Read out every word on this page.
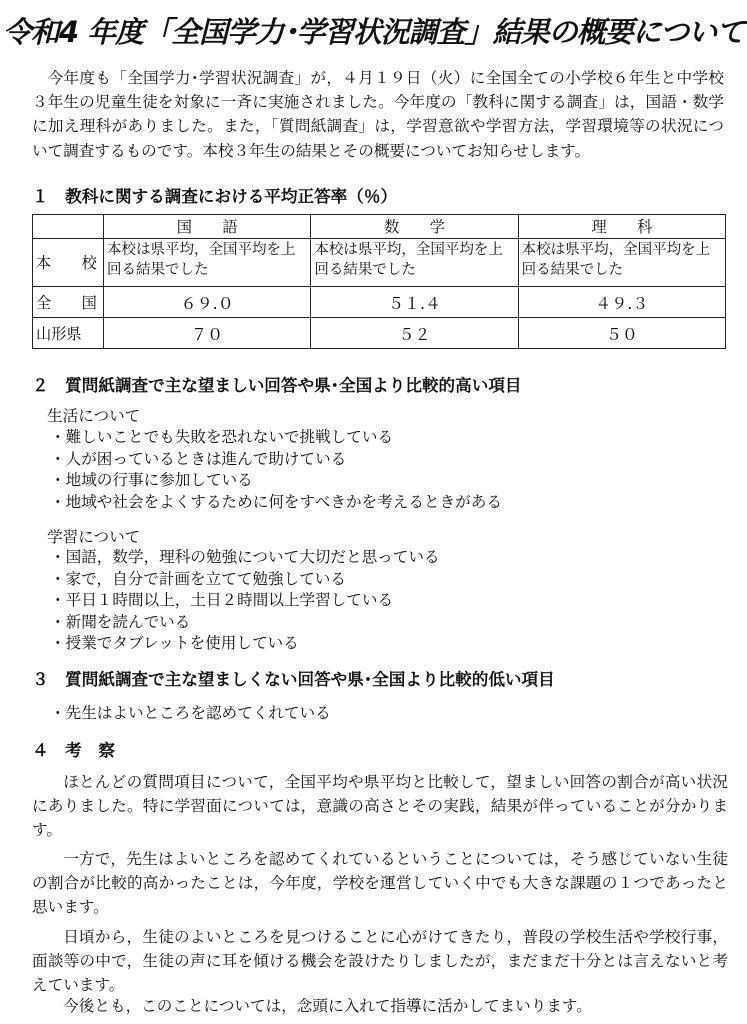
令和4 年度「全国学力･学習状況調査」結果の概要について
今年度も「全国学力･学習状況調査」が，４月１９日（火）に全国全ての小学校６年生と中学校３年生の児童生徒を対象に一斉に実施されました。今年度の「教科に関する調査」は，国語・数学に加え理科がありました。また，「質問紙調査」は，学習意欲や学習方法，学習環境等の状況について調査するものです。本校３年生の結果とその概要についてお知らせします。
１　教科に関する調査における平均正答率（％）
	国　　語	数　　学	理　　科
本　　校	本校は県平均，全国平均を上回る結果でした	本校は県平均，全国平均を上回る結果でした	本校は県平均，全国平均を上回る結果でした
全　　国	６９.０	５１.４	４９.３
山形県	７０	５２	５０
２　質問紙調査で主な望ましい回答や県･全国より比較的高い項目
生活について
・ 難しいことでも失敗を恐れないで挑戦している
・ 人が困っているときは進んで助けている
・ 地域の行事に参加している
・ 地域や社会をよくするために何をすべきかを考えるときがある
学習について
・ 国語，数学，理科の勉強について大切だと思っている
・ 家で，自分で計画を立てて勉強している
・ 平日１時間以上，土日２時間以上学習している
・ 新聞を読んでいる
・ 授業でタブレットを使用している
３　質問紙調査で主な望ましくない回答や県･全国より比較的低い項目
・ 先生はよいところを認めてくれている
４　考　察
ほとんどの質問項目について，全国平均や県平均と比較して，望ましい回答の割合が高い状況にありました。特に学習面については，意識の高さとその実践，結果が伴っていることが分かります。
一方で，先生はよいところを認めてくれているということについては，そう感じていない生徒の割合が比較的高かったことは，今年度，学校を運営していく中でも大きな課題の１つであったと思います。
日頃から，生徒のよいところを見つけることに心がけてきたり，普段の学校生活や学校行事，面談等の中で，生徒の声に耳を傾ける機会を設けたりしましたが，まだまだ十分とは言えないと考えています。
今後とも，このことについては，念頭に入れて指導に活かしてまいります。
